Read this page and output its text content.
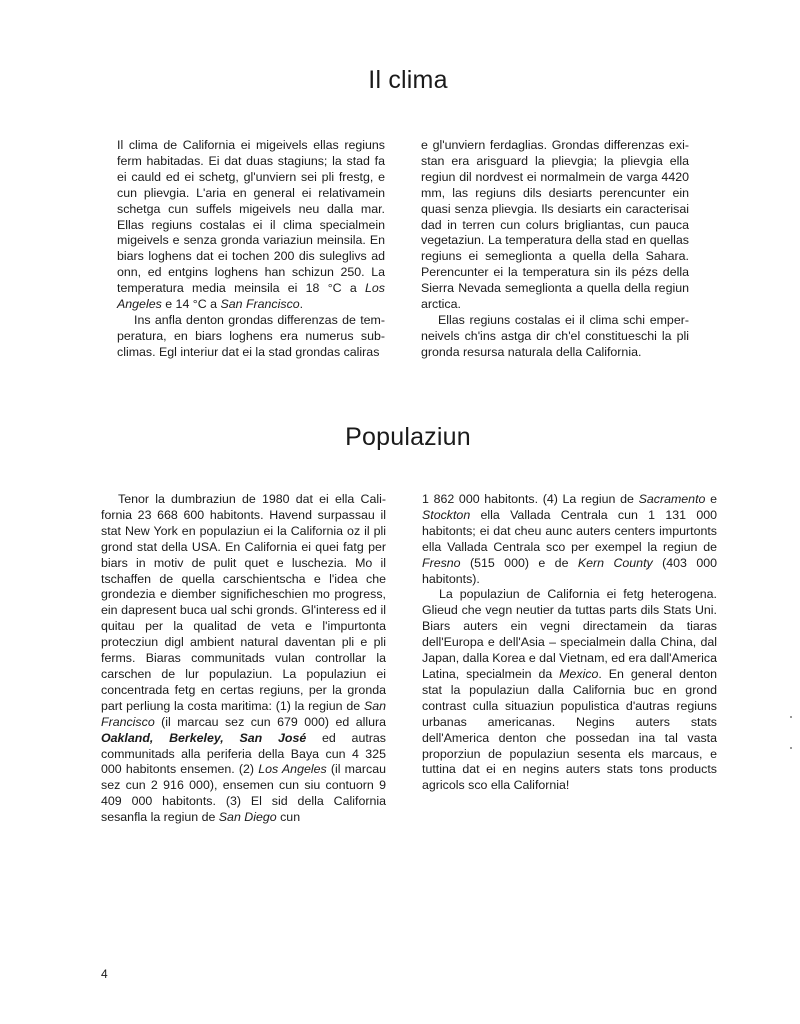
Il clima

Il clima de California ei migeivels ellas regiuns ferm habitadas. Ei dat duas stagiuns; la stad fa ei cauld ed ei schetg, gl'unviern sei pli frestg, e cun plievgia. L'aria en general ei relativamein schetga cun suffels migeivels neu dalla mar. Ellas regiuns costalas ei il clima specialmein migeivels e senza gronda variaziun meinsila. En biars loghens dat ei tochen 200 dis suleglivs ad onn, ed entgins loghens han schizun 250. La temperatura media meinsila ei 18 °C a Los Angeles e 14 °C a San Francisco.

Ins anfla denton grondas differenzas de temperatura, en biars loghens era numerus subclimas. Egl interiur dat ei la stad grondas caliras

e gl'unviern ferdaglias. Grondas differenzas existan era arisguard la plievgia; la plievgia ella regiun dil nordvest ei normalmein de varga 4420 mm, las regiuns dils desiarts perencunter ein quasi senza plievgia. Ils desiarts ein caracterisai dad in terren cun colurs brigliantas, cun pauca vegetaziun. La temperatura della stad en quellas regiuns ei semeglionta a quella della Sahara. Perencunter ei la temperatura sin ils pézs della Sierra Nevada semeglionta a quella della regiun arctica.

Ellas regiuns costalas ei il clima schi emperneivels ch'ins astga dir ch'el constitueschi la pli gronda resursa naturala della California.

Populaziun

Tenor la dumbraziun de 1980 dat ei ella California 23 668 600 habitonts. Havend surpassau il stat New York en populaziun ei la California oz il pli grond stat della USA. En California ei quei fatg per biars in motiv de pulit quet e luschezia. Mo il tschaffen de quella carschientscha e l'idea che grondezia e diember significheschien mo progress, ein dapresent buca ual schi gronds. Gl'interess ed il quitau per la qualitad de veta e l'impurtonta protecziun digl ambient natural daventan pli e pli ferms. Biaras communitads vulan controllar la carschen de lur populaziun. La populaziun ei concentrada fetg en certas regiuns, per la gronda part perliung la costa maritima: (1) la regiun de San Francisco (il marcau sez cun 679 000) ed allura Oakland, Berkeley, San José ed autras communitads alla periferia della Baya cun 4 325 000 habitonts ensemen. (2) Los Angeles (il marcau sez cun 2 916 000), ensemen cun siu contuorn 9 409 000 habitonts. (3) El sid della California sesanfla la regiun de San Diego cun

1 862 000 habitonts. (4) La regiun de Sacramento e Stockton ella Vallada Centrala cun 1 131 000 habitonts; ei dat cheu aunc auters centers impurtonts ella Vallada Centrala sco per exempel la regiun de Fresno (515 000) e de Kern County (403 000 habitonts).

La populaziun de California ei fetg heterogena. Glieud che vegn neutier da tuttas parts dils Stats Uni. Biars auters ein vegni directamein da tiaras dell'Europa e dell'Asia – specialmein dalla China, dal Japan, dalla Korea e dal Vietnam, ed era dall'America Latina, specialmein da Mexico. En general denton stat la populaziun dalla California buc en grond contrast culla situaziun populistica d'autras regiuns urbanas americanas. Negins auters stats dell'America denton che possedan ina tal vasta proporziun de populaziun sesenta els marcaus, e tuttina dat ei en negins auters stats tons products agricols sco ella California!

4
